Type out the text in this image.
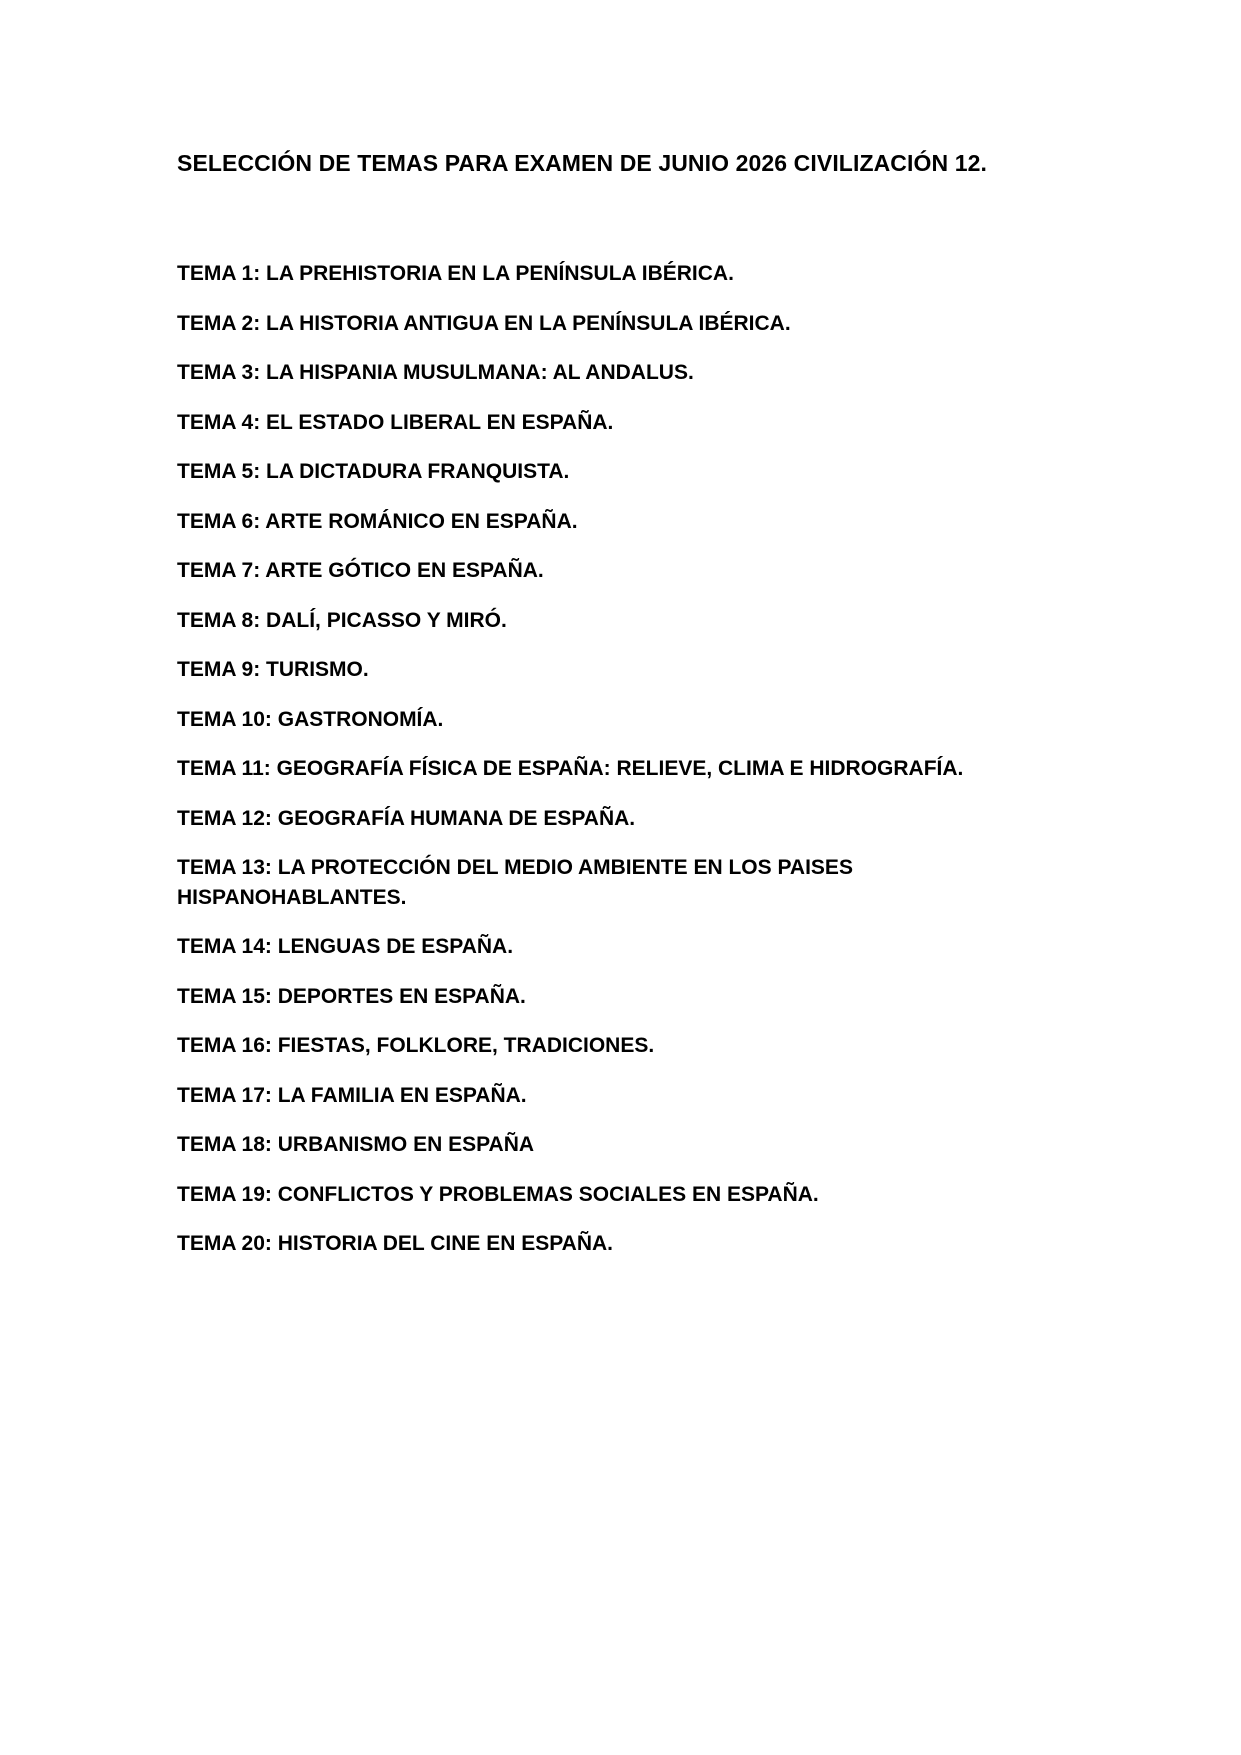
SELECCIÓN DE TEMAS PARA EXAMEN DE JUNIO 2026 CIVILIZACIÓN 12.
TEMA 1: LA PREHISTORIA EN LA PENÍNSULA IBÉRICA.
TEMA 2: LA HISTORIA ANTIGUA EN LA PENÍNSULA IBÉRICA.
TEMA 3: LA HISPANIA MUSULMANA: AL ANDALUS.
TEMA 4: EL ESTADO LIBERAL EN ESPAÑA.
TEMA 5: LA DICTADURA FRANQUISTA.
TEMA 6: ARTE ROMÁNICO EN ESPAÑA.
TEMA 7: ARTE GÓTICO EN ESPAÑA.
TEMA 8: DALÍ, PICASSO Y MIRÓ.
TEMA 9: TURISMO.
TEMA 10: GASTRONOMÍA.
TEMA 11: GEOGRAFÍA FÍSICA DE ESPAÑA: RELIEVE, CLIMA E HIDROGRAFÍA.
TEMA 12: GEOGRAFÍA HUMANA DE ESPAÑA.
TEMA 13: LA PROTECCIÓN DEL MEDIO AMBIENTE EN LOS PAISES HISPANOHABLANTES.
TEMA 14: LENGUAS DE ESPAÑA.
TEMA 15: DEPORTES EN ESPAÑA.
TEMA 16: FIESTAS, FOLKLORE, TRADICIONES.
TEMA 17: LA FAMILIA EN ESPAÑA.
TEMA 18: URBANISMO EN ESPAÑA
TEMA 19: CONFLICTOS Y PROBLEMAS SOCIALES EN ESPAÑA.
TEMA 20: HISTORIA DEL CINE EN ESPAÑA.
